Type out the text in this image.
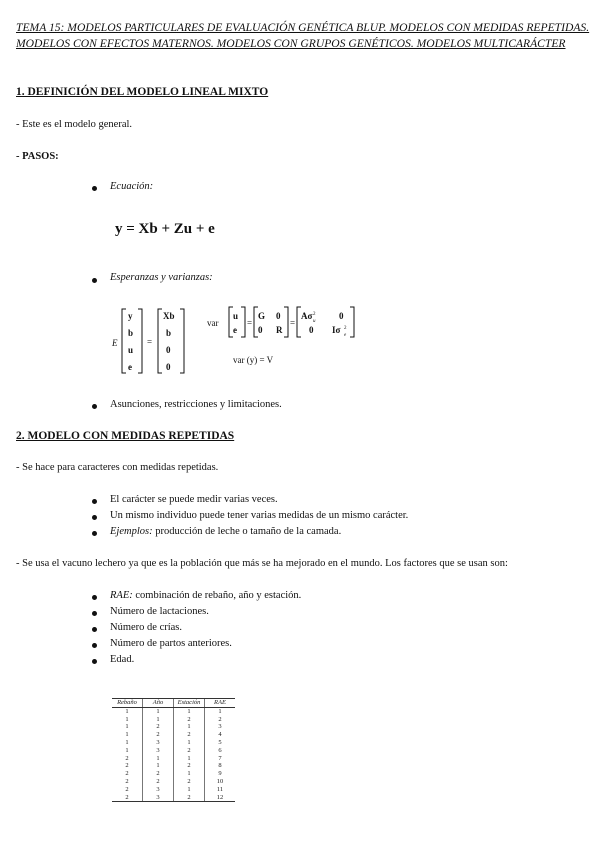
TEMA 15: MODELOS PARTICULARES DE EVALUACIÓN GENÉTICA BLUP. MODELOS CON MEDIDAS REPETIDAS. MODELOS CON EFECTOS MATERNOS. MODELOS CON GRUPOS GENÉTICOS. MODELOS MULTICARÁCTER
1. DEFINICIÓN DEL MODELO LINEAL MIXTO
- Este es el modelo general.
- PASOS:
Ecuación:
y = Xb + Zu + e
Esperanzas y varianzas:
E
y
b
u
e
=
Xb
b
0
0
var
u
e
=
G 0
0 R
=
Aσ 2
u
0
0 Iσ 2
e
var (y) = V
Asunciones, restricciones y limitaciones.
2. MODELO CON MEDIDAS REPETIDAS
- Se hace para caracteres con medidas repetidas.
El carácter se puede medir varias veces.
Un mismo individuo puede tener varias medidas de un mismo carácter.
Ejemplos: producción de leche o tamaño de la camada.
- Se usa el vacuno lechero ya que es la población que más se ha mejorado en el mundo. Los factores que se usan son:
RAE: combinación de rebaño, año y estación.
Número de lactaciones.
Número de crías.
Número de partos anteriores.
Edad.
Rebaño	Año	Estación	RAE
1	1	1	1
1	1	2	2
1	2	1	3
1	2	2	4
1	3	1	5
1	3	2	6
2	1	1	7
2	1	2	8
2	2	1	9
2	2	2	10
2	3	1	11
2	3	2	12
